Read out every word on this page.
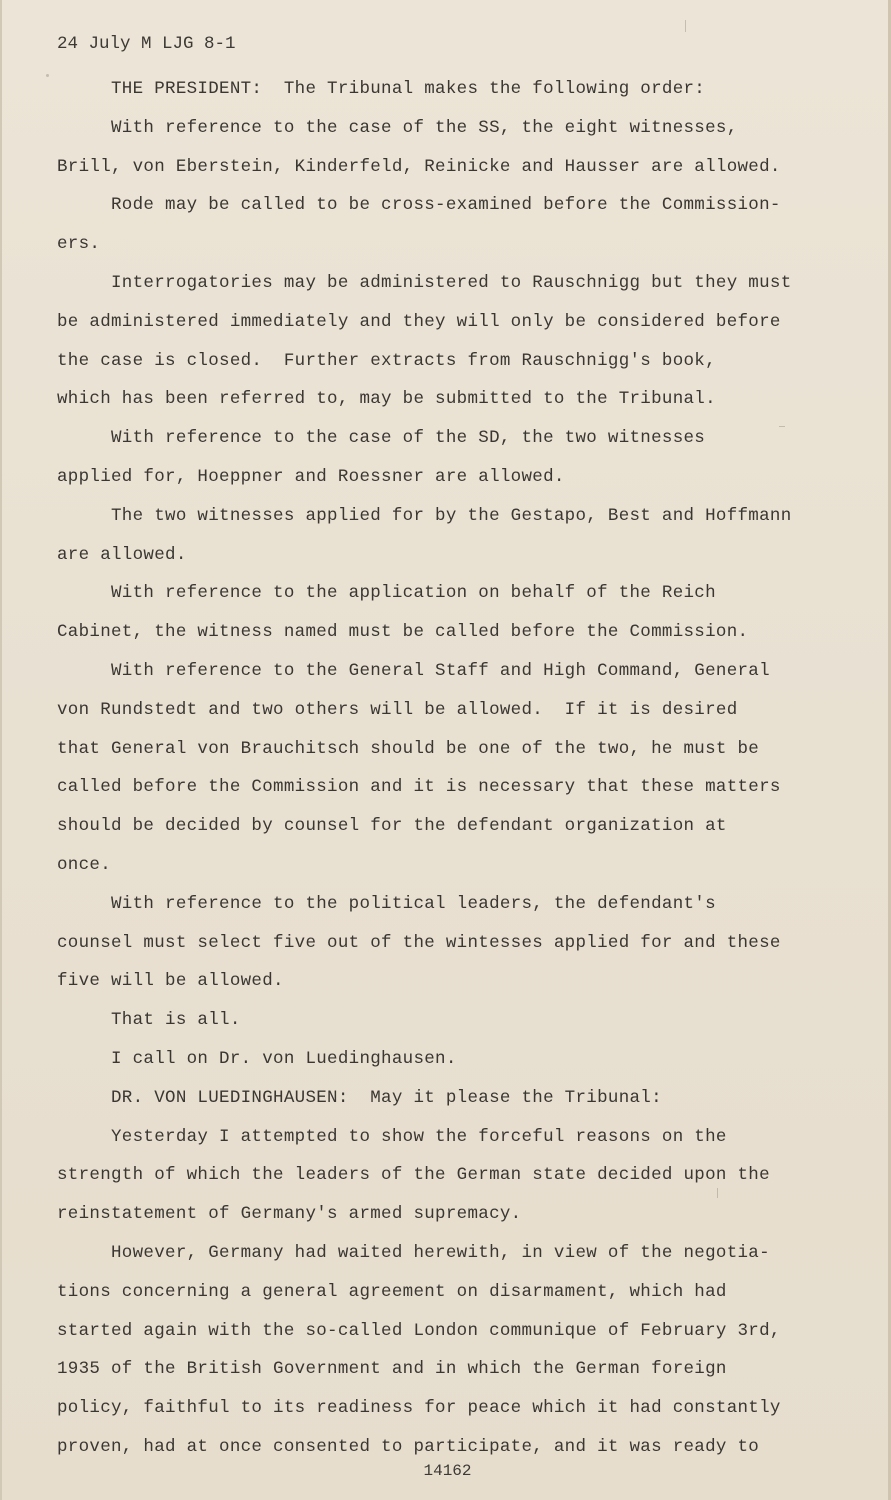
24 July M LJG 8-1
THE PRESIDENT:  The Tribunal makes the following order:
With reference to the case of the SS, the eight witnesses,
Brill, von Eberstein, Kinderfeld, Reinicke and Hausser are allowed.
Rode may be called to be cross-examined before the Commission-
ers.
Interrogatories may be administered to Rauschnigg but they must
be administered immediately and they will only be considered before
the case is closed.  Further extracts from Rauschnigg's book,
which has been referred to, may be submitted to the Tribunal.
With reference to the case of the SD, the two witnesses
applied for, Hoeppner and Roessner are allowed.
The two witnesses applied for by the Gestapo, Best and Hoffmann
are allowed.
With reference to the application on behalf of the Reich
Cabinet, the witness named must be called before the Commission.
With reference to the General Staff and High Command, General
von Rundstedt and two others will be allowed.  If it is desired
that General von Brauchitsch should be one of the two, he must be
called before the Commission and it is necessary that these matters
should be decided by counsel for the defendant organization at
once.
With reference to the political leaders, the defendant's
counsel must select five out of the wintesses applied for and these
five will be allowed.
That is all.
I call on Dr. von Luedinghausen.
DR. VON LUEDINGHAUSEN:  May it please the Tribunal:
Yesterday I attempted to show the forceful reasons on the
strength of which the leaders of the German state decided upon the
reinstatement of Germany's armed supremacy.
However, Germany had waited herewith, in view of the negotia-
tions concerning a general agreement on disarmament, which had
started again with the so-called London communique of February 3rd,
1935 of the British Government and in which the German foreign
policy, faithful to its readiness for peace which it had constantly
proven, had at once consented to participate, and it was ready to
14162
